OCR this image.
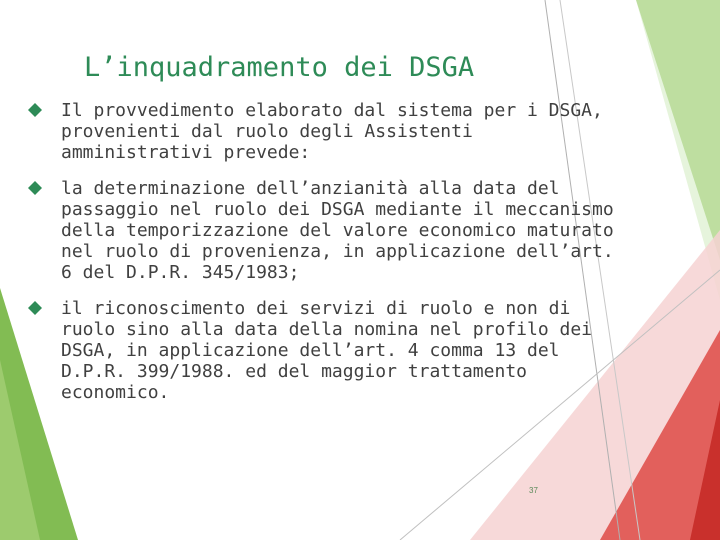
L’inquadramento dei DSGA
Il provvedimento elaborato dal sistema per i DSGA, provenienti dal ruolo degli Assistenti amministrativi prevede:
la determinazione dell’anzianità alla data del passaggio nel ruolo dei DSGA mediante il meccanismo della temporizzazione del valore economico maturato nel ruolo di provenienza, in applicazione dell’art. 6 del D.P.R. 345/1983;
il riconoscimento dei servizi di ruolo e non di ruolo sino alla data della nomina nel profilo dei DSGA, in applicazione dell’art. 4 comma 13 del D.P.R. 399/1988. ed del maggior trattamento economico.
37
